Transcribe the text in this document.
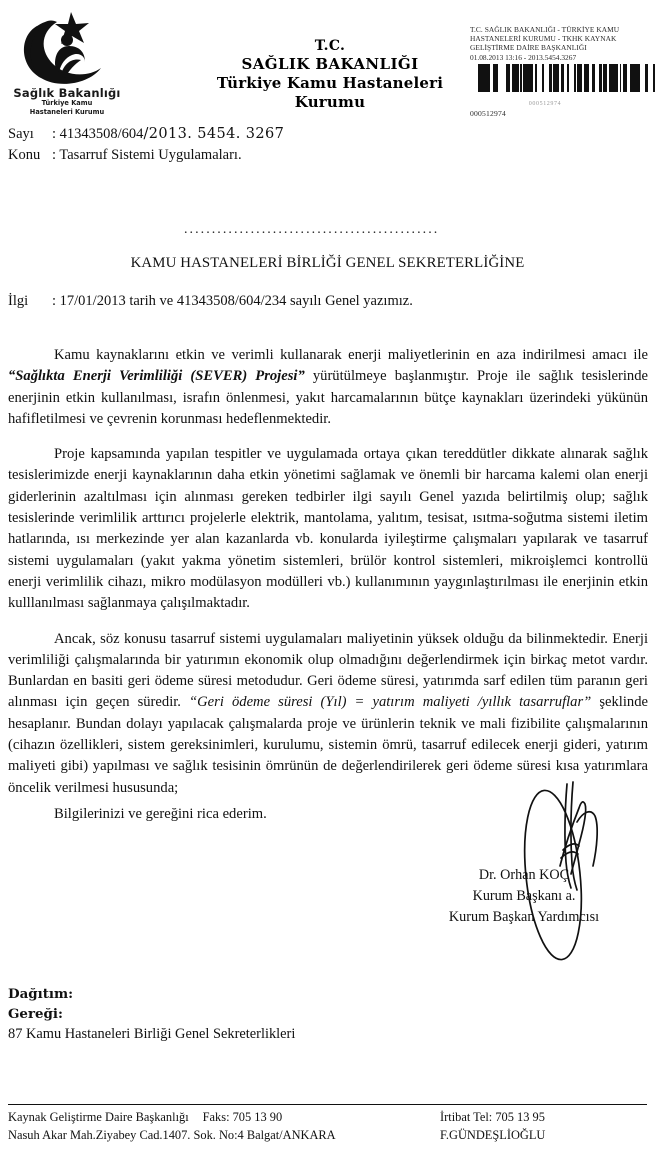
Sağlık Bakanlığı
Türkiye Kamu
Hastaneleri Kurumu
T.C.
SAĞLIK BAKANLIĞI
Türkiye Kamu Hastaneleri Kurumu
T.C. SAĞLIK BAKANLIĞI - TÜRKİYE KAMU
HASTANELERİ KURUMU - TKHK KAYNAK
GELİŞTİRME DAİRE BAŞKANLIĞI
01.08.2013 13:16 - 2013.5454.3267
000512974
000512974
Sayı : 41343508/604/2013. 5454. 3267
Konu : Tasarruf Sistemi Uygulamaları.
..............................................
KAMU HASTANELERİ BİRLİĞİ GENEL SEKRETERLİĞİNE
İlgi : 17/01/2013 tarih ve 41343508/604/234 sayılı Genel yazımız.

Kamu kaynaklarını etkin ve verimli kullanarak enerji maliyetlerinin en aza indirilmesi amacı ile “Sağlıkta Enerji Verimliliği (SEVER) Projesi” yürütülmeye başlanmıştır. Proje ile sağlık tesislerinde enerjinin etkin kullanılması, israfın önlenmesi, yakıt harcamalarının bütçe kaynakları üzerindeki yükünün hafifletilmesi ve çevrenin korunması hedeflenmektedir.

Proje kapsamında yapılan tespitler ve uygulamada ortaya çıkan tereddütler dikkate alınarak sağlık tesislerimizde enerji kaynaklarının daha etkin yönetimi sağlamak ve önemli bir harcama kalemi olan enerji giderlerinin azaltılması için alınması gereken tedbirler ilgi sayılı Genel yazıda belirtilmiş olup; sağlık tesislerinde verimlilik arttırıcı projelerle elektrik, mantolama, yalıtım, tesisat, ısıtma-soğutma sistemi iletim hatlarında, ısı merkezinde yer alan kazanlarda vb. konularda iyileştirme çalışmaları yapılarak ve tasarruf sistemi uygulamaları (yakıt yakma yönetim sistemleri, brülör kontrol sistemleri, mikroişlemci kontrollü enerji verimlilik cihazı, mikro modülasyon modülleri vb.) kullanımının yaygınlaştırılması ile enerjinin etkin kulllanılması sağlanmaya çalışılmaktadır.

Ancak, söz konusu tasarruf sistemi uygulamaları maliyetinin yüksek olduğu da bilinmektedir. Enerji verimliliği çalışmalarında bir yatırımın ekonomik olup olmadığını değerlendirmek için birkaç metot vardır. Bunlardan en basiti geri ödeme süresi metodudur. Geri ödeme süresi, yatırımda sarf edilen tüm paranın geri alınması için geçen süredir. “Geri ödeme süresi (Yıl) = yatırım maliyeti /yıllık tasarruflar” şeklinde hesaplanır. Bundan dolayı yapılacak çalışmalarda proje ve ürünlerin teknik ve mali fizibilite çalışmalarının (cihazın özellikleri, sistem gereksinimleri, kurulumu, sistemin ömrü, tasarruf edilecek enerji gideri, yatırım maliyeti gibi) yapılması ve sağlık tesisinin ömrünün de değerlendirilerek geri ödeme süresi kısa yatırımlara öncelik verilmesi hususunda;

Bilgilerinizi ve gereğini rica ederim.
Dr. Orhan KOÇ
Kurum Başkanı a.
Kurum Başkan Yardımcısı
Dağıtım:
Gereği:
87 Kamu Hastaneleri Birliği Genel Sekreterlikleri
Kaynak Geliştirme Daire Başkanlığı Faks: 705 13 90
Nasuh Akar Mah.Ziyabey Cad.1407. Sok. No:4 Balgat/ANKARA
İrtibat Tel: 705 13 95
F.GÜNDEŞLİOĞLU
